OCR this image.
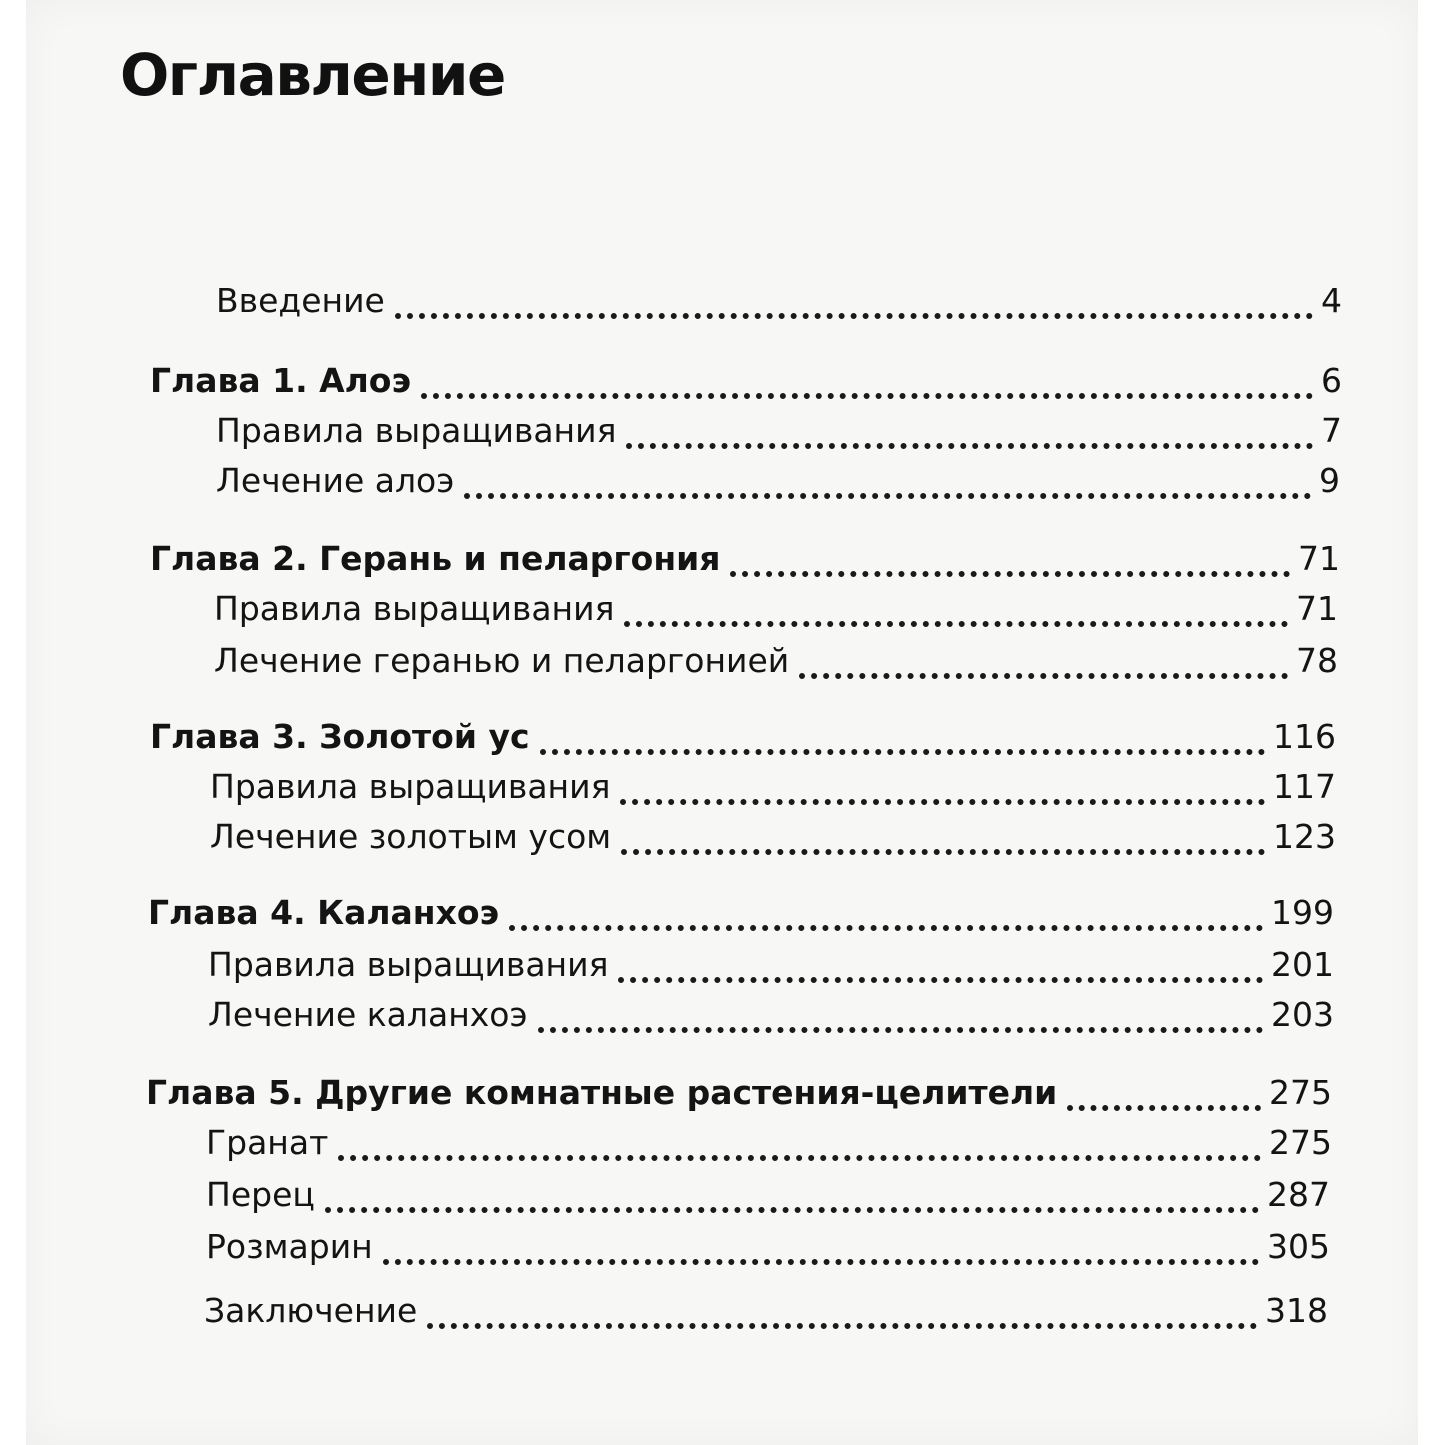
Оглавление
Введение	4
Глава 1. Алоэ	6
Правила выращивания	7
Лечение алоэ	9
Глава 2. Герань и пеларгония	71
Правила выращивания	71
Лечение геранью и пеларгонией	78
Глава 3. Золотой ус	116
Правила выращивания	117
Лечение золотым усом	123
Глава 4. Каланхоэ	199
Правила выращивания	201
Лечение каланхоэ	203
Глава 5. Другие комнатные растения-целители	275
Гранат	275
Перец	287
Розмарин	305
Заключение	318
